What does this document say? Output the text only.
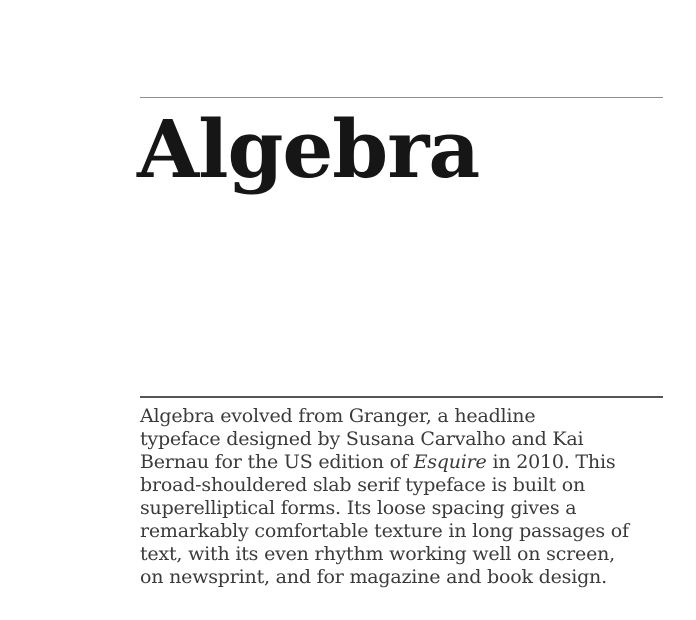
Algebra
Algebra evolved from Granger, a headline
typeface designed by Susana Carvalho and Kai
Bernau for the US edition of Esquire in 2010. This
broad-shouldered slab serif typeface is built on
superelliptical forms. Its loose spacing gives a
remarkably comfortable texture in long passages of
text, with its even rhythm working well on screen,
on newsprint, and for magazine and book design.
